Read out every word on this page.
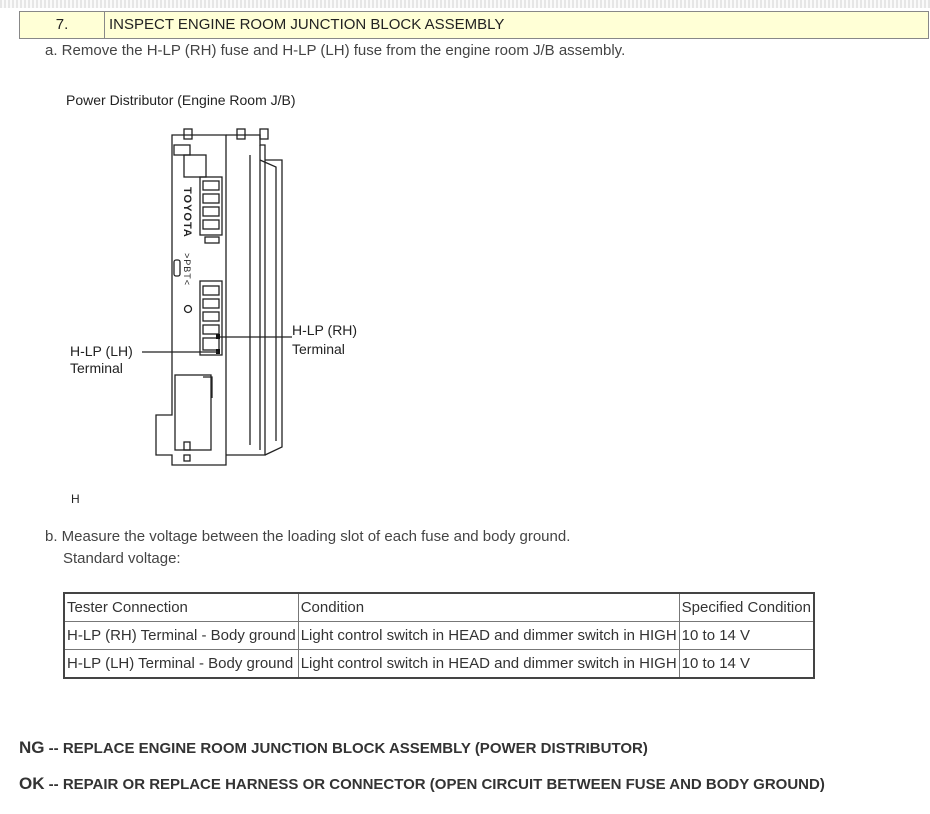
7.	INSPECT ENGINE ROOM JUNCTION BLOCK ASSEMBLY
a. Remove the H-LP (RH) fuse and H-LP (LH) fuse from the engine room J/B assembly.
Power Distributor (Engine Room J/B)
TOYOTA
>PBT<
H-LP (LH)
Terminal
H-LP (RH)
Terminal
H
b. Measure the voltage between the loading slot of each fuse and body ground.
Standard voltage:
Tester Connection	Condition	Specified Condition
H-LP (RH) Terminal - Body ground	Light control switch in HEAD and dimmer switch in HIGH	10 to 14 V
H-LP (LH) Terminal - Body ground	Light control switch in HEAD and dimmer switch in HIGH	10 to 14 V
NG -- REPLACE ENGINE ROOM JUNCTION BLOCK ASSEMBLY (POWER DISTRIBUTOR)
OK -- REPAIR OR REPLACE HARNESS OR CONNECTOR (OPEN CIRCUIT BETWEEN FUSE AND BODY GROUND)
